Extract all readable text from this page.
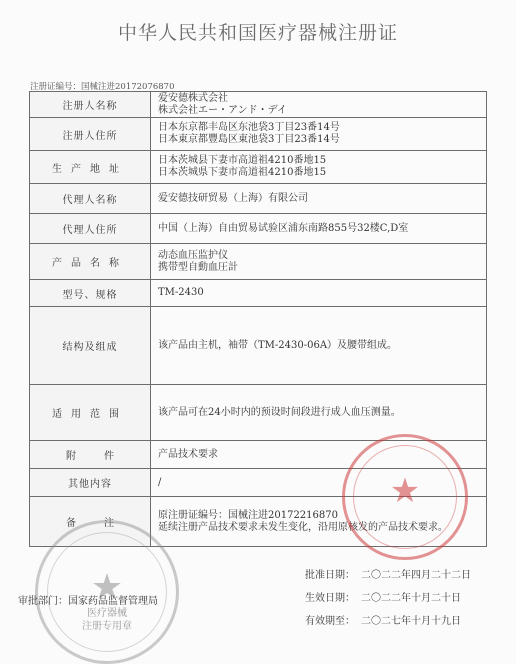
中华人民共和国医疗器械注册证
注册证编号：国械注进20172076870
注册人名称	爱安德株式会社
株式会社エー・アンド・デイ

注册人住所	日本东京都丰岛区东池袋3丁目23番14号
日本東京都豐島区東池袋3丁目23番14号

生产地址	日本茨城县下妻市高道祖4210番地15
日本茨城県下妻市高道祖4210番地15

代理人名称	爱安德技研贸易（上海）有限公司

代理人住所	中国（上海）自由贸易试验区浦东南路855号32楼C,D室

产品名称	动态血压监护仪
携带型自動血圧計

型号、规格	TM-2430

结构及组成	该产品由主机，袖带（TM-2430-06A）及腰带组成。

适用范围	该产品可在24小时内的预设时间段进行成人血压测量。

附件	产品技术要求

其他内容	/

备注	原注册证编号：国械注进20172216870
延续注册产品技术要求未发生变化，沿用原核发的产品技术要求。
★
★
医疗器械
注册专用章
审批部门：国家药品监督管理局
批准日期： 二〇二二年四月二十二日
生效日期： 二〇二二年十月二十日
有效期至： 二〇二七年十月十九日
